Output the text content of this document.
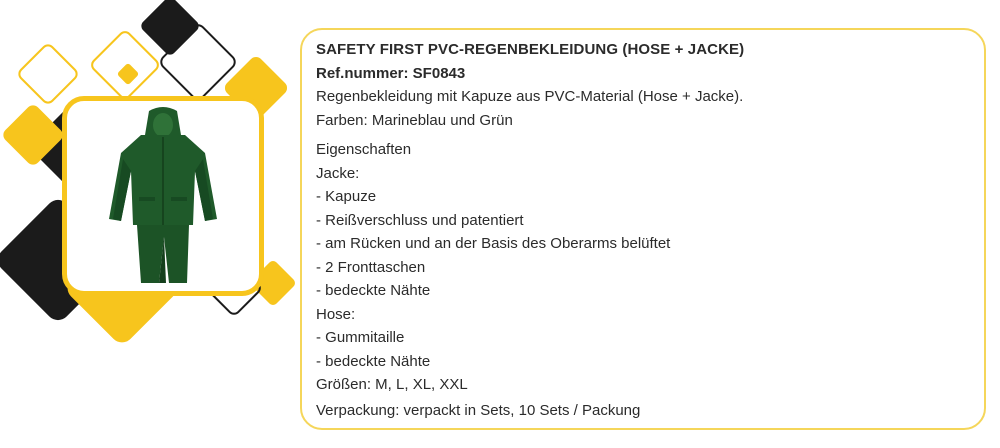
SAFETY FIRST PVC-REGENBEKLEIDUNG (HOSE + JACKE)
Ref.nummer: SF0843
Regenbekleidung mit Kapuze aus PVC-Material (Hose + Jacke).
Farben: Marineblau und Grün
Eigenschaften
Jacke:
- Kapuze
- Reißverschluss und patentiert
- am Rücken und an der Basis des Oberarms belüftet
- 2 Fronttaschen
- bedeckte Nähte
Hose:
- Gummitaille
- bedeckte Nähte
Größen: M, L, XL, XXL
Verpackung: verpackt in Sets, 10 Sets / Packung
